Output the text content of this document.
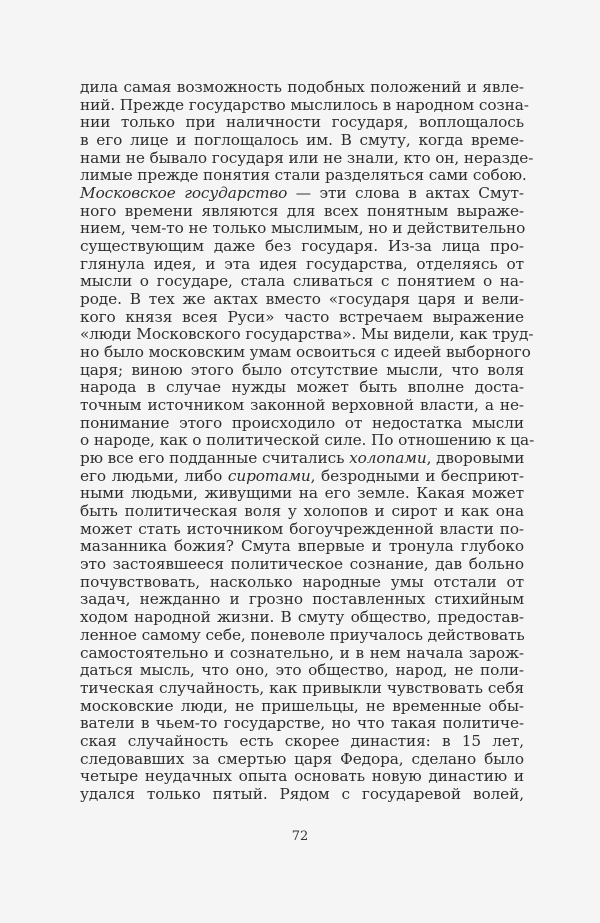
дила самая возможность подобных положений и явле-
ний. Прежде государство мыслилось в народном созна-
нии только при наличности государя, воплощалось
в его лице и поглощалось им. В смуту, когда време-
нами не бывало государя или не знали, кто он, неразде-
лимые прежде понятия стали разделяться сами собою.
Московское государство — эти слова в актах Смут-
ного времени являются для всех понятным выраже-
нием, чем-то не только мыслимым, но и действительно
существующим даже без государя. Из-за лица про-
глянула идея, и эта идея государства, отделяясь от
мысли о государе, стала сливаться с понятием о на-
роде. В тех же актах вместо «государя царя и вели-
кого князя всея Руси» часто встречаем выражение
«люди Московского государства». Мы видели, как труд-
но было московским умам освоиться с идеей выборного
царя; виною этого было отсутствие мысли, что воля
народа в случае нужды может быть вполне доста-
точным источником законной верховной власти, а не-
понимание этого происходило от недостатка мысли
о народе, как о политической силе. По отношению к ца-
рю все его подданные считались холопами, дворовыми
его людьми, либо сиротами, безродными и бесприют-
ными людьми, живущими на его земле. Какая может
быть политическая воля у холопов и сирот и как она
может стать источником богоучрежденной власти по-
мазанника божия? Смута впервые и тронула глубоко
это застоявшееся политическое сознание, дав больно
почувствовать, насколько народные умы отстали от
задач, нежданно и грозно поставленных стихийным
ходом народной жизни. В смуту общество, предостав-
ленное самому себе, поневоле приучалось действовать
самостоятельно и сознательно, и в нем начала зарож-
даться мысль, что оно, это общество, народ, не поли-
тическая случайность, как привыкли чувствовать себя
московские люди, не пришельцы, не временные обы-
ватели в чьем-то государстве, но что такая политиче-
ская случайность есть скорее династия: в 15 лет,
следовавших за смертью царя Федора, сделано было
четыре неудачных опыта основать новую династию и
удался только пятый. Рядом с государевой волей,
72
